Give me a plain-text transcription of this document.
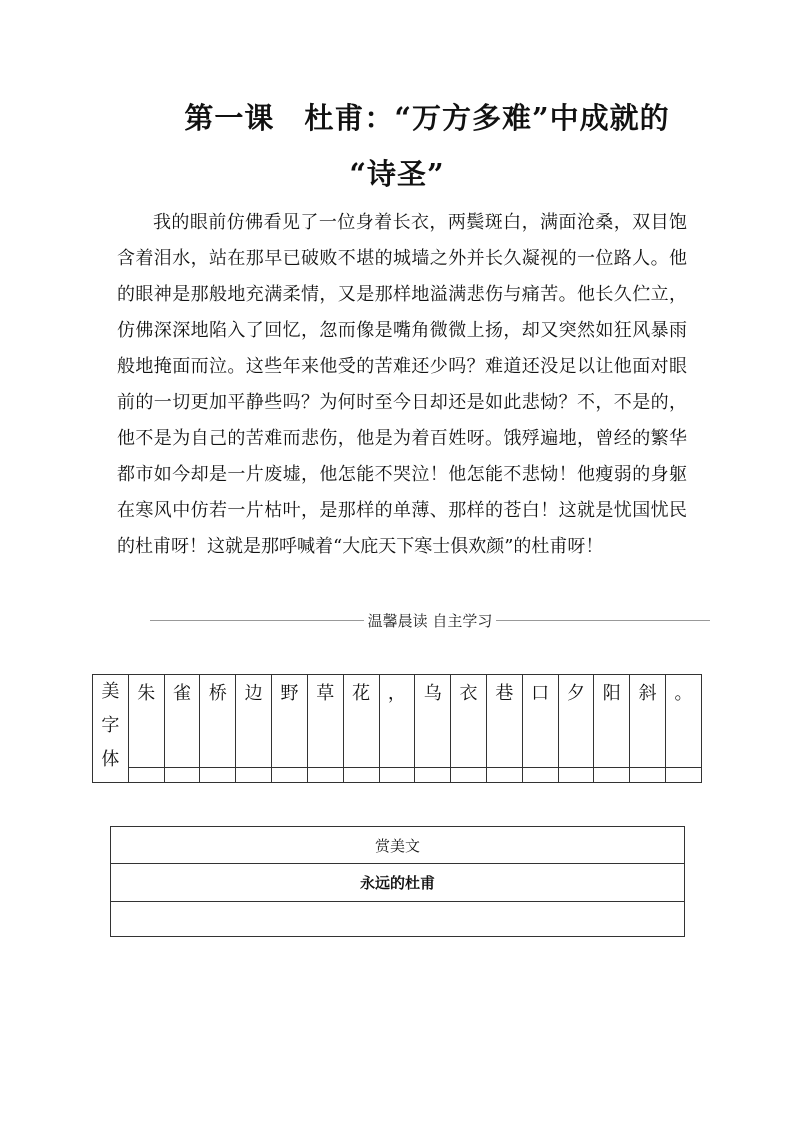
第一课　杜甫：“万方多难”中成就的
“诗圣”

我的眼前仿佛看见了一位身着长衣，两鬓斑白，满面沧桑，双目饱含着泪水，站在那早已破败不堪的城墙之外并长久凝视的一位路人。他的眼神是那般地充满柔情，又是那样地溢满悲伤与痛苦。他长久伫立，仿佛深深地陷入了回忆，忽而像是嘴角微微上扬，却又突然如狂风暴雨般地掩面而泣。这些年来他受的苦难还少吗？难道还没足以让他面对眼前的一切更加平静些吗？为何时至今日却还是如此悲恸？不，不是的，他不是为自己的苦难而悲伤，他是为着百姓呀。饿殍遍地，曾经的繁华都市如今却是一片废墟，他怎能不哭泣！他怎能不悲恸！他瘦弱的身躯在寒风中仿若一片枯叶，是那样的单薄、那样的苍白！这就是忧国忧民的杜甫呀！这就是那呼喊着“大庇天下寒士俱欢颜”的杜甫呀！

温馨晨读 自主学习
美
字
体	朱	雀	桥	边	野	草	花	，	乌	衣	巷	口	夕	阳	斜	。

赏美文
永远的杜甫
